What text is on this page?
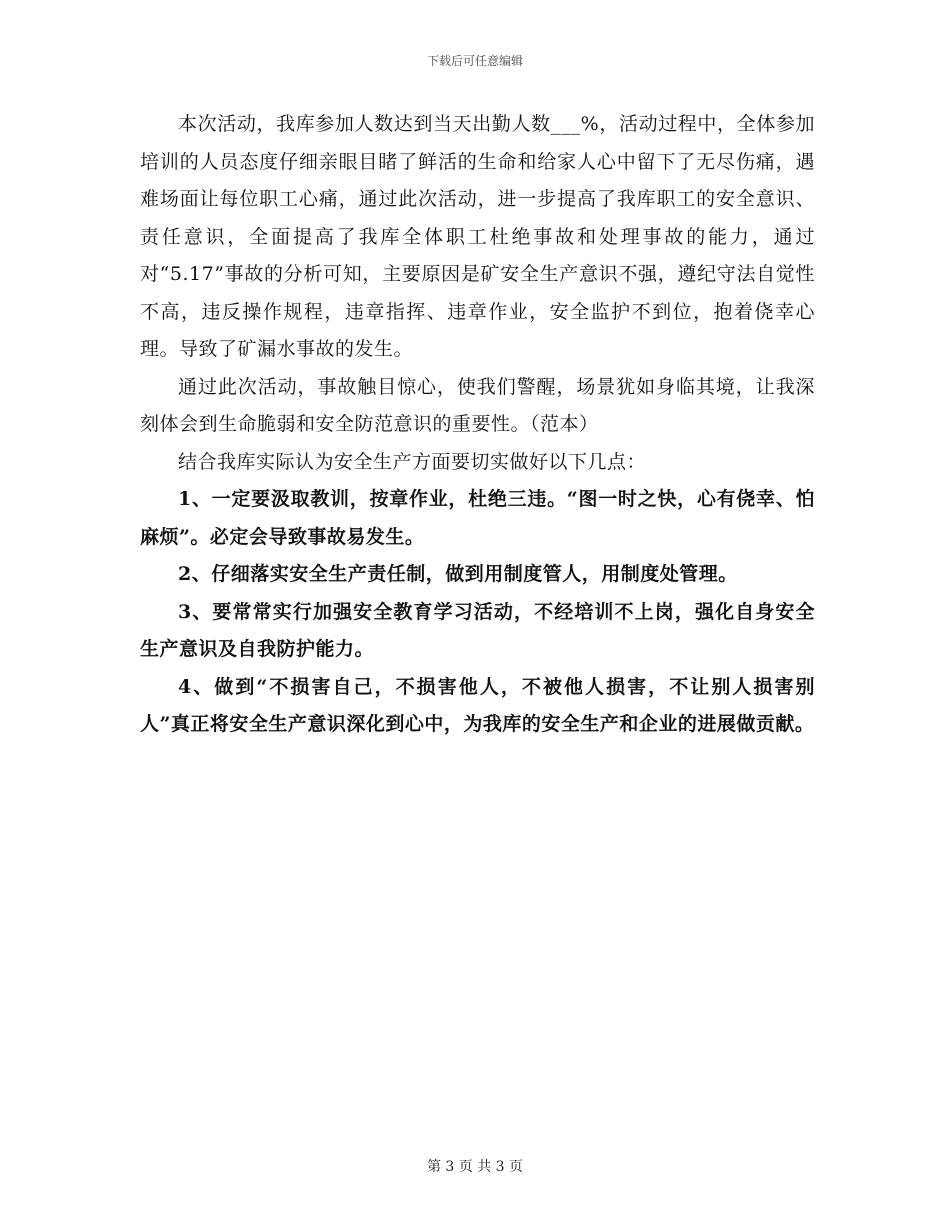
下载后可任意编辑

本次活动，我库参加人数达到当天出勤人数___%，活动过程中，全体参加培训的人员态度仔细亲眼目睹了鲜活的生命和给家人心中留下了无尽伤痛，遇难场面让每位职工心痛，通过此次活动，进一步提高了我库职工的安全意识、责任意识，全面提高了我库全体职工杜绝事故和处理事故的能力，通过对“5.17”事故的分析可知，主要原因是矿安全生产意识不强，遵纪守法自觉性不高，违反操作规程，违章指挥、违章作业，安全监护不到位，抱着侥幸心理。导致了矿漏水事故的发生。

通过此次活动，事故触目惊心，使我们警醒，场景犹如身临其境，让我深刻体会到生命脆弱和安全防范意识的重要性。（范本）

结合我库实际认为安全生产方面要切实做好以下几点：

1、一定要汲取教训，按章作业，杜绝三违。“图一时之快，心有侥幸、怕麻烦”。必定会导致事故易发生。

2、仔细落实安全生产责任制，做到用制度管人，用制度处管理。

3、要常常实行加强安全教育学习活动，不经培训不上岗，强化自身安全生产意识及自我防护能力。

4、做到“不损害自己，不损害他人，不被他人损害，不让别人损害别人”真正将安全生产意识深化到心中，为我库的安全生产和企业的进展做贡献。

第 3 页 共 3 页
